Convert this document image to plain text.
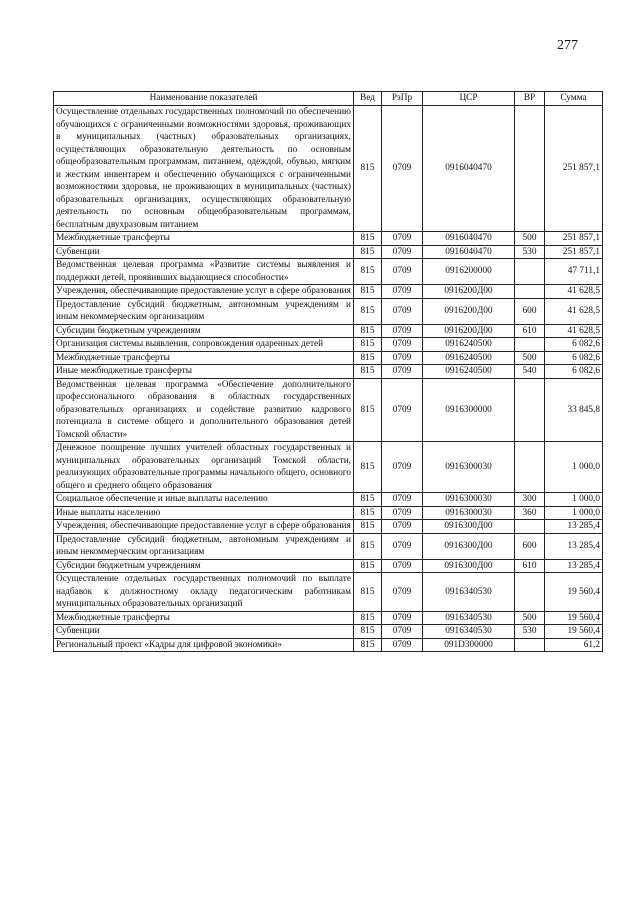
277
Наименование показателей	Вед	РзПр	ЦСР	ВР	Сумма
Осуществление отдельных государственных полномочий по обеспечению обучающихся с ограниченными возможностями здоровья, проживающих в муниципальных (частных) образовательных организациях, осуществляющих образовательную деятельность по основным общеобразовательным программам, питанием, одеждой, обувью, мягким и жестким инвентарем и обеспечению обучающихся с ограниченными возможностями здоровья, не проживающих в муниципальных (частных) образовательных организациях, осуществляющих образовательную деятельность по основным общеобразовательным программам, бесплатным двухразовым питанием	815	0709	0916040470		251 857,1
Межбюджетные трансферты	815	0709	0916040470	500	251 857,1
Субвенции	815	0709	0916040470	530	251 857,1
Ведомственная целевая программа «Развитие системы выявления и поддержки детей, проявивших выдающиеся способности»	815	0709	0916200000		47 711,1
Учреждения, обеспечивающие предоставление услуг в сфере образования	815	0709	0916200Д00		41 628,5
Предоставление субсидий бюджетным, автономным учреждениям и иным некоммерческим организациям	815	0709	0916200Д00	600	41 628,5
Субсидии бюджетным учреждениям	815	0709	0916200Д00	610	41 628,5
Организация системы выявления, сопровождения одаренных детей	815	0709	0916240500		6 082,6
Межбюджетные трансферты	815	0709	0916240500	500	6 082,6
Иные межбюджетные трансферты	815	0709	0916240500	540	6 082,6
Ведомственная целевая программа «Обеспечение дополнительного профессионального образования в областных государственных образовательных организациях и содействие развитию кадрового потенциала в системе общего и дополнительного образования детей Томской области»	815	0709	0916300000		33 845,8
Денежное поощрение лучших учителей областных государственных и муниципальных образовательных организаций Томской области, реализующих образовательные программы начального общего, основного общего и среднего общего образования	815	0709	0916300030		1 000,0
Социальное обеспечение и иные выплаты населению	815	0709	0916300030	300	1 000,0
Иные выплаты населению	815	0709	0916300030	360	1 000,0
Учреждения, обеспечивающие предоставление услуг в сфере образования	815	0709	0916300Д00		13 285,4
Предоставление субсидий бюджетным, автономным учреждениям и иным некоммерческим организациям	815	0709	0916300Д00	600	13 285,4
Субсидии бюджетным учреждениям	815	0709	0916300Д00	610	13 285,4
Осуществление отдельных государственных полномочий по выплате надбавок к должностному окладу педагогическим работникам муниципальных образовательных организаций	815	0709	0916340530		19 560,4
Межбюджетные трансферты	815	0709	0916340530	500	19 560,4
Субвенции	815	0709	0916340530	530	19 560,4
Региональный проект «Кадры для цифровой экономики»	815	0709	091D300000		61,2
